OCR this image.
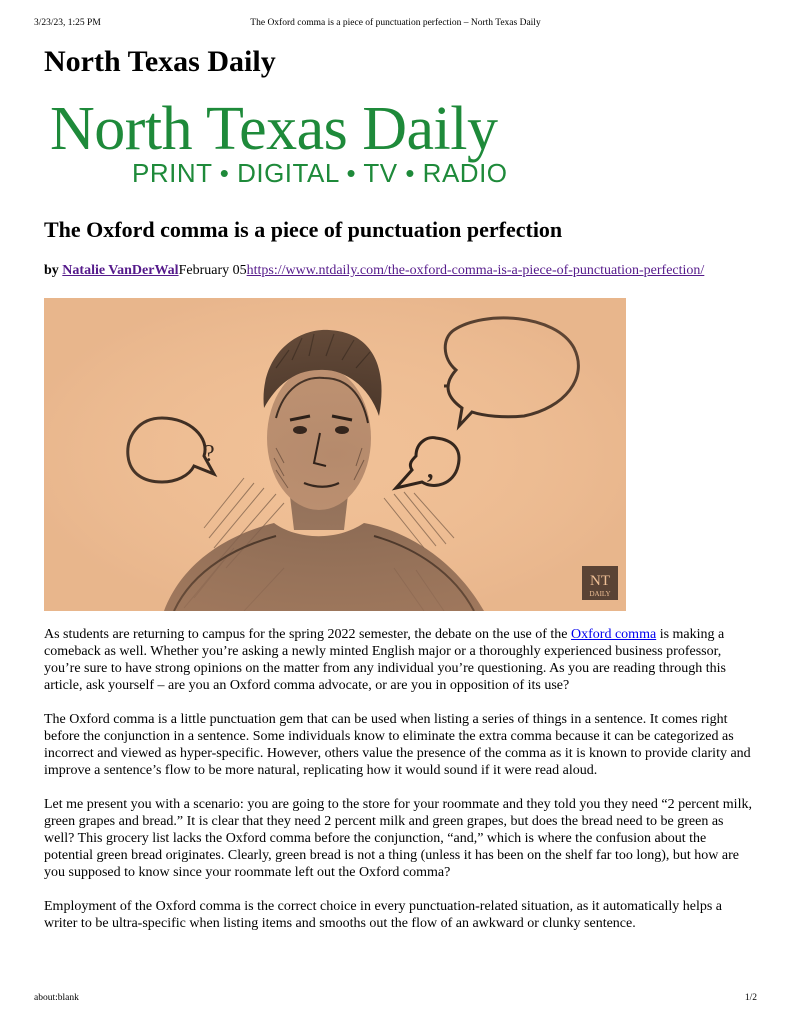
3/23/23, 1:25 PM	The Oxford comma is a piece of punctuation perfection – North Texas Daily
North Texas Daily
North Texas Daily
PRINT • DIGITAL • TV • RADIO
The Oxford comma is a piece of punctuation perfection
by Natalie VanDerWalFebruary 05https://www.ntdaily.com/the-oxford-comma-is-a-piece-of-punctuation-perfection/
NT
DAILY

As students are returning to campus for the spring 2022 semester, the debate on the use of the Oxford comma is making a comeback as well. Whether you’re asking a newly minted English major or a thoroughly experienced business professor, you’re sure to have strong opinions on the matter from any individual you’re questioning. As you are reading through this article, ask yourself – are you an Oxford comma advocate, or are you in opposition of its use?

The Oxford comma is a little punctuation gem that can be used when listing a series of things in a sentence. It comes right before the conjunction in a sentence. Some individuals know to eliminate the extra comma because it can be categorized as incorrect and viewed as hyper-specific. However, others value the presence of the comma as it is known to provide clarity and improve a sentence’s flow to be more natural, replicating how it would sound if it were read aloud.

Let me present you with a scenario: you are going to the store for your roommate and they told you they need “2 percent milk, green grapes and bread.” It is clear that they need 2 percent milk and green grapes, but does the bread need to be green as well? This grocery list lacks the Oxford comma before the conjunction, “and,” which is where the confusion about the potential green bread originates. Clearly, green bread is not a thing (unless it has been on the shelf far too long), but how are you supposed to know since your roommate left out the Oxford comma?

Employment of the Oxford comma is the correct choice in every punctuation-related situation, as it automatically helps a writer to be ultra-specific when listing items and smooths out the flow of an awkward or clunky sentence.

about:blank	1/2
